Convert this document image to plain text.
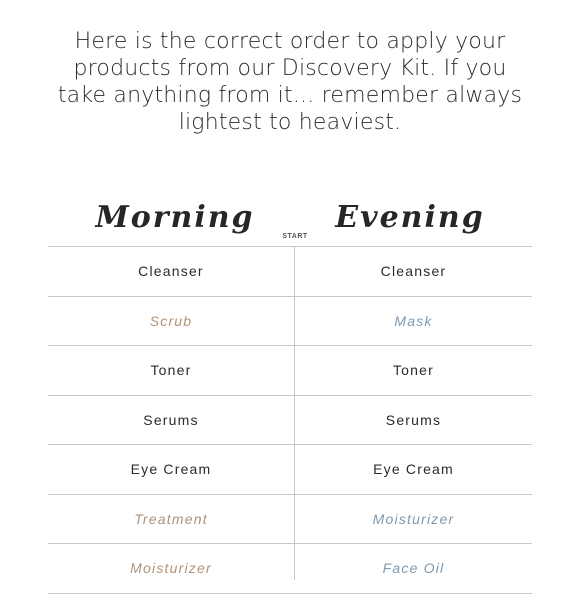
Here is the correct order to apply your
products from our Discovery Kit. If you
take anything from it... remember always
lightest to heaviest.
Morning	Evening
START
Cleanser	Cleanser
Scrub	Mask
Toner	Toner
Serums	Serums
Eye Cream	Eye Cream
Treatment	Moisturizer
Moisturizer	Face Oil
